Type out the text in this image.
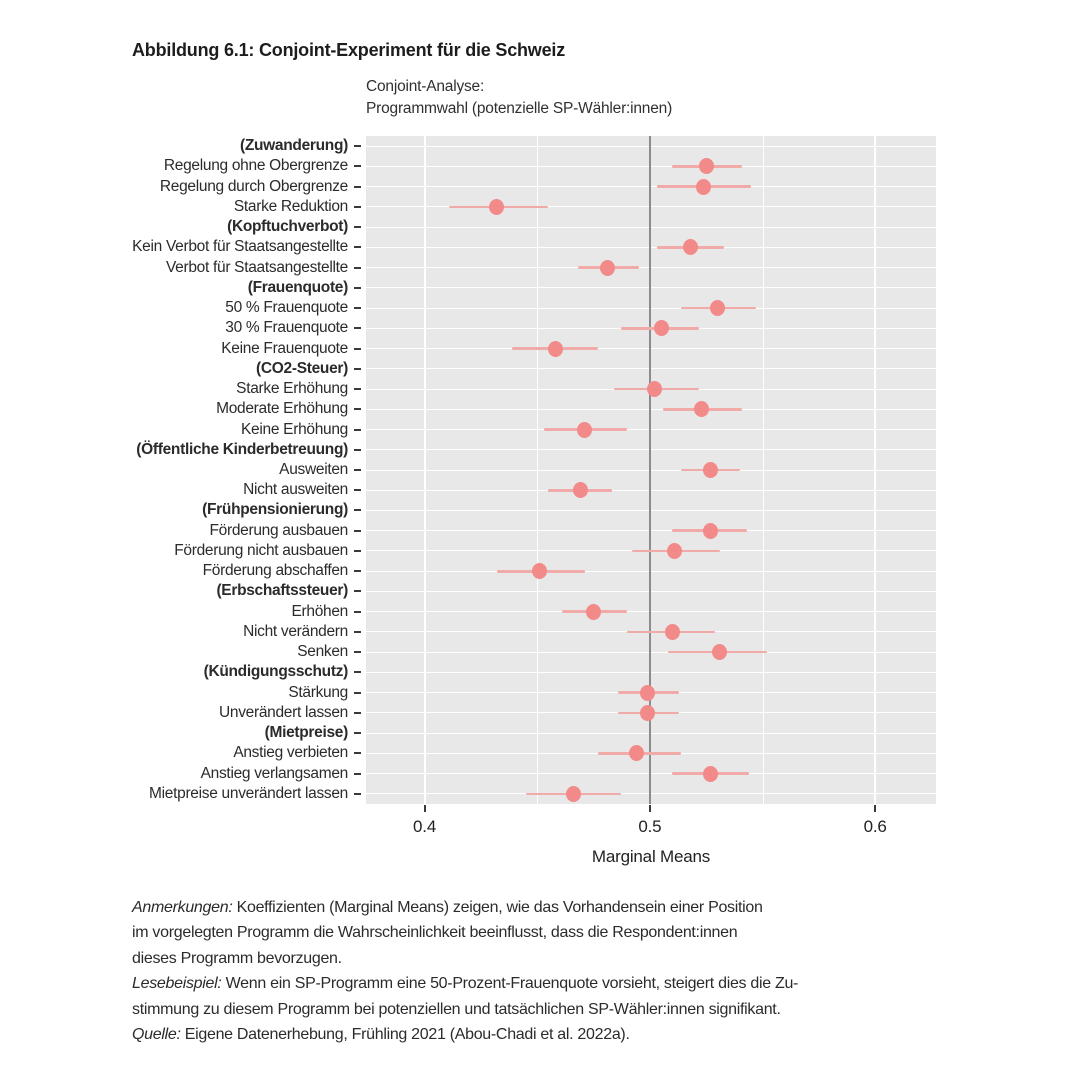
Abbildung 6.1: Conjoint-Experiment für die Schweiz
Conjoint-Analyse:
Programmwahl (potenzielle SP-Wähler:innen)
(Zuwanderung)
Regelung ohne Obergrenze
Regelung durch Obergrenze
Starke Reduktion
(Kopftuchverbot)
Kein Verbot für Staatsangestellte
Verbot für Staatsangestellte
(Frauenquote)
50 % Frauenquote
30 % Frauenquote
Keine Frauenquote
(CO2-Steuer)
Starke Erhöhung
Moderate Erhöhung
Keine Erhöhung
(Öffentliche Kinderbetreuung)
Ausweiten
Nicht ausweiten
(Frühpensionierung)
Förderung ausbauen
Förderung nicht ausbauen
Förderung abschaffen
(Erbschaftssteuer)
Erhöhen
Nicht verändern
Senken
(Kündigungsschutz)
Stärkung
Unverändert lassen
(Mietpreise)
Anstieg verbieten
Anstieg verlangsamen
Mietpreise unverändert lassen
0.4	0.5	0.6
Marginal Means
Anmerkungen: Koeffizienten (Marginal Means) zeigen, wie das Vorhandensein einer Position
im vorgelegten Programm die Wahrscheinlichkeit beeinflusst, dass die Respondent:innen
dieses Programm bevorzugen.
Lesebeispiel: Wenn ein SP-Programm eine 50-Prozent-Frauenquote vorsieht, steigert dies die Zu-
stimmung zu diesem Programm bei potenziellen und tatsächlichen SP-Wähler:innen signifikant.
Quelle: Eigene Datenerhebung, Frühling 2021 (Abou-Chadi et al. 2022a).
